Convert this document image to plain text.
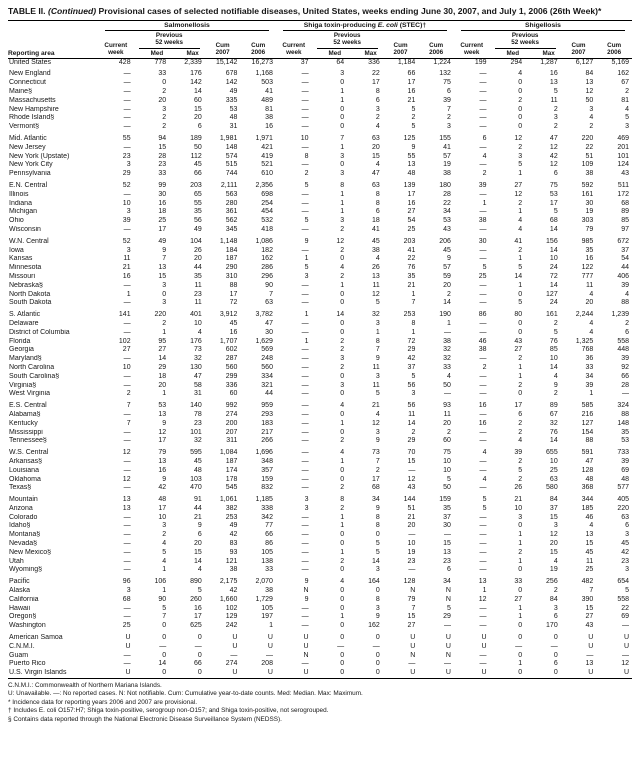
TABLE II. (Continued) Provisional cases of selected notifiable diseases, United States, weeks ending June 30, 2007, and July 1, 2006 (26th Week)*
Reporting area	Salmonellosis					Shiga toxin-producing E. coli (STEC)†					Shigellosis				

Current week	
Previous
52 weeks	Cum 2007	Cum 2006	Current week	
Previous
52 weeks	Cum 2007	Cum 2006	Current week	
Previous
52 weeks	Cum 2007	Cum 2006
		Med	Max				Med	Max				Med	Max		
United States	428	778	2,339	15,142	16,273	37	64	336	1,184	1,224	199	294	1,287	6,127	5,169
New England	—	33	176	678	1,168	—	3	22	66	132	—	4	16	84	162
Connecticut	—	0	142	142	503	—	0	17	17	75	—	0	13	13	67
Maine§	—	2	14	49	41	—	1	8	16	6	—	0	5	12	2
Massachusetts	—	20	60	335	489	—	1	6	21	39	—	2	11	50	81
New Hampshire	—	3	15	53	81	—	0	3	5	7	—	0	2	3	4
Rhode Island§	—	2	20	48	38	—	0	2	2	2	—	0	3	4	5
Vermont§	—	2	6	31	16	—	0	4	5	3	—	0	2	2	3
Mid. Atlantic	55	94	189	1,981	1,971	10	7	63	125	155	6	12	47	220	469
New Jersey	—	15	50	148	421	—	1	20	9	41	—	2	12	22	201
New York (Upstate)	23	28	112	574	419	8	3	15	55	57	4	3	42	51	101
New York City	3	23	45	515	521	—	0	4	13	19	—	5	12	109	124
Pennsylvania	29	33	66	744	610	2	3	47	48	38	2	1	6	38	43
E.N. Central	52	99	203	2,111	2,356	5	8	63	139	180	39	27	75	592	511
Illinois	—	30	65	563	698	—	1	8	17	28	—	12	53	161	172
Indiana	10	16	55	280	254	—	1	8	16	22	1	2	17	30	68
Michigan	3	18	35	361	454	—	1	6	27	34	—	1	5	19	89
Ohio	39	25	56	562	532	5	3	18	54	53	38	4	68	303	85
Wisconsin	—	17	49	345	418	—	2	41	25	43	—	4	14	79	97
W.N. Central	52	49	104	1,148	1,086	9	12	45	203	206	30	41	156	985	672
Iowa	3	9	26	184	182	—	2	38	41	45	—	2	14	35	37
Kansas	11	7	20	187	162	1	0	4	22	9	—	1	10	16	54
Minnesota	21	13	44	290	286	5	4	26	76	57	5	5	24	122	44
Missouri	16	15	35	310	296	3	2	13	35	59	25	14	72	777	406
Nebraska§	—	3	11	88	90	—	1	11	21	20	—	1	14	11	39
North Dakota	1	0	23	17	7	—	0	12	1	2	—	0	127	4	4
South Dakota	—	3	11	72	63	—	0	5	7	14	—	5	24	20	88
S. Atlantic	141	220	401	3,912	3,782	1	14	32	253	190	86	80	161	2,244	1,239
Delaware	—	2	10	45	47	—	0	3	8	1	—	0	2	4	2
District of Columbia	—	1	4	16	30	—	0	1	1	—	—	0	5	4	6
Florida	102	95	176	1,707	1,629	1	2	8	72	38	46	43	76	1,325	558
Georgia	27	27	73	602	569	—	2	7	29	32	38	27	85	768	448
Maryland§	—	14	32	287	248	—	3	9	42	32	—	2	10	36	39
North Carolina	10	29	130	560	560	—	2	11	37	33	2	1	14	33	92
South Carolina§	—	18	47	299	334	—	0	3	5	4	—	1	4	34	66
Virginia§	—	20	58	336	321	—	3	11	56	50	—	2	9	39	28
West Virginia	2	1	31	60	44	—	0	5	3	—	—	0	2	1	—
E.S. Central	7	53	140	992	959	—	4	21	56	93	16	17	89	585	324
Alabama§	—	13	78	274	293	—	0	4	11	11	—	6	67	216	88
Kentucky	7	9	23	200	183	—	1	12	14	20	16	2	32	127	148
Mississippi	—	12	101	207	217	—	0	3	2	2	—	2	76	154	35
Tennessee§	—	17	32	311	266	—	2	9	29	60	—	4	14	88	53
W.S. Central	12	79	595	1,084	1,696	—	4	73	70	75	4	39	655	591	733
Arkansas§	—	13	45	187	348	—	1	7	15	10	—	2	10	47	39
Louisiana	—	16	48	174	357	—	0	2	—	10	—	5	25	128	69
Oklahoma	12	9	103	178	159	—	0	17	12	5	4	2	63	48	48
Texas§	—	42	470	545	832	—	2	68	43	50	—	26	580	368	577
Mountain	13	48	91	1,061	1,185	3	8	34	144	159	5	21	84	344	405
Arizona	13	17	44	382	338	3	2	9	51	35	5	10	37	185	220
Colorado	—	10	21	253	342	—	1	8	21	37	—	3	15	46	63
Idaho§	—	3	9	49	77	—	1	8	20	30	—	0	3	4	6
Montana§	—	2	6	42	66	—	0	0	—	—	—	1	12	13	3
Nevada§	—	4	20	83	86	—	0	5	10	15	—	1	20	15	45
New Mexico§	—	5	15	93	105	—	1	5	19	13	—	2	15	45	42
Utah	—	4	14	121	138	—	2	14	23	23	—	1	4	11	23
Wyoming§	—	1	4	38	33	—	0	3	—	6	—	0	19	25	3
Pacific	96	106	890	2,175	2,070	9	4	164	128	34	13	33	256	482	654
Alaska	3	1	5	42	38	N	0	0	N	N	1	0	2	7	5
California	68	90	260	1,660	1,729	9	0	8	79	N	12	27	84	390	558
Hawaii	—	5	16	102	105	—	0	3	7	5	—	1	3	15	22
Oregon§	—	7	17	129	197	—	1	9	15	29	—	1	6	27	69
Washington	25	0	625	242	1	—	0	162	27	—	—	0	170	43	—
American Samoa	U	0	0	U	U	U	0	0	U	U	U	0	0	U	U
C.N.M.I.	U	—	—	U	U	U	—	—	U	U	U	—	—	U	U
Guam	—	0	0	—	—	N	0	0	N	N	—	0	0	—	—
Puerto Rico	—	14	66	274	208	—	0	0	—	—	—	1	6	13	12
U.S. Virgin Islands	U	0	0	U	U	U	0	0	U	U	U	0	0	U	U
C.N.M.I.: Commonwealth of Northern Mariana Islands.
U: Unavailable. —: No reported cases. N: Not notifiable. Cum: Cumulative year-to-date counts. Med: Median. Max: Maximum.
* Incidence data for reporting years 2006 and 2007 are provisional.
† Includes E. coli O157:H7; Shiga toxin-positive, serogroup non-O157; and Shiga toxin-positive, not serogrouped.
§ Contains data reported through the National Electronic Disease Surveillance System (NEDSS).
